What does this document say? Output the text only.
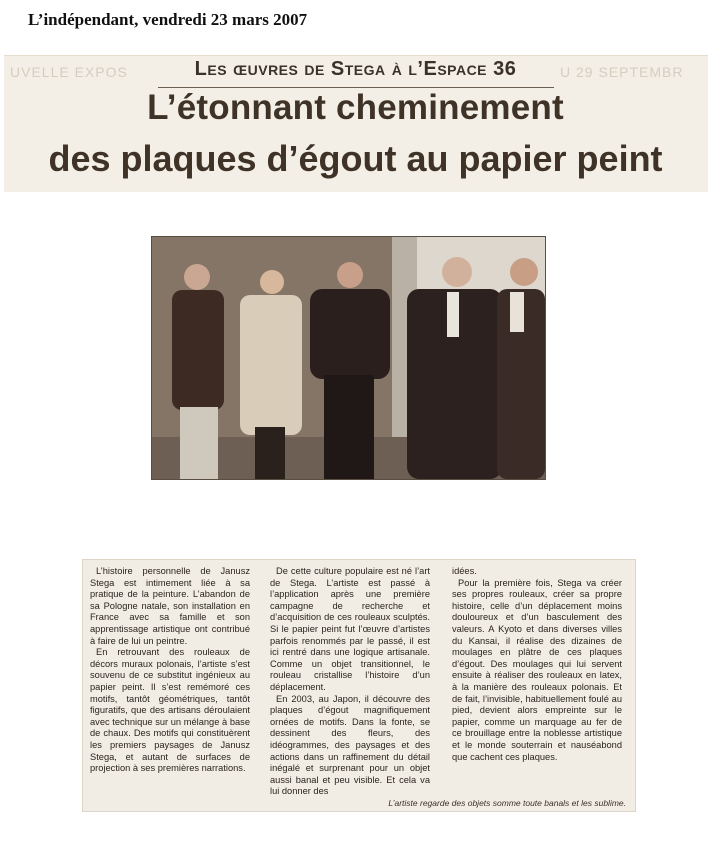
L’indépendant, vendredi 23 mars 2007
UVELLE EXPOS	U 29 SEPTEMBR
Les œuvres de Stega à l’Espace 36
L’étonnant cheminement
des plaques d’égout au papier peint

L’histoire personnelle de Janusz Stega est intimement liée à sa pratique de la peinture. L’abandon de sa Pologne natale, son installation en France avec sa famille et son apprentissage artistique ont contribué à faire de lui un peintre.

En retrouvant des rouleaux de décors muraux polonais, l’artiste s’est souvenu de ce substitut ingénieux au papier peint. Il s’est remémoré ces motifs, tantôt géométriques, tantôt figuratifs, que des artisans déroulaient avec technique sur un mélange à base de chaux. Des motifs qui constituèrent les premiers paysages de Janusz Stega, et autant de surfaces de projection à ses premières narrations.

De cette culture populaire est né l’art de Stega. L’artiste est passé à l’application après une première campagne de recherche et d’acquisition de ces rouleaux sculptés. Si le papier peint fut l’œuvre d’artistes parfois renommés par le passé, il est ici rentré dans une logique artisanale. Comme un objet transitionnel, le rouleau cristallise l’histoire d’un déplacement.

En 2003, au Japon, il découvre des plaques d’égout magnifiquement ornées de motifs. Dans la fonte, se dessinent des fleurs, des idéogrammes, des paysages et des actions dans un raffinement du détail inégalé et surprenant pour un objet aussi banal et peu visible. Et cela va lui donner des

idées.

Pour la première fois, Stega va créer ses propres rouleaux, créer sa propre histoire, celle d’un déplacement moins douloureux et d’un basculement des valeurs. A Kyoto et dans diverses villes du Kansai, il réalise des dizaines de moulages en plâtre de ces plaques d’égout. Des moulages qui lui servent ensuite à réaliser des rouleaux en latex, à la manière des rouleaux polonais. Et de fait, l’invisible, habituellement foulé au pied, devient alors empreinte sur le papier, comme un marquage au fer de ce brouillage entre la noblesse artistique et le monde souterrain et nauséabond que cachent ces plaques.

L’artiste regarde des objets somme toute banals et les sublime.
